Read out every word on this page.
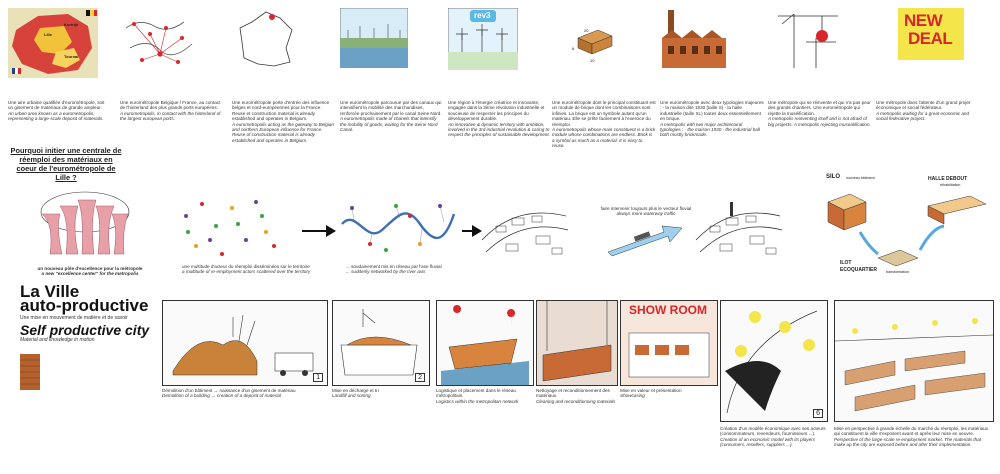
Lille
Kortrijk
Tournai
rev3
20
6
10
NEW
DEAL
Une aire urbaine qualifiée d'eurométropole, soit un gisement de matériaux de grande ampleur.
An urban area known as a eurometropolis, representing a large-scale deposit of materials.
Une eurométropole Belgique / France, au contact de l'hinterland des plus grands ports européens.
A eurometropolis, in contact with the hinterland of the largest european ports.
Une eurométropole porte d'entrée des influence belges et nord-européennes pour la France. Reuse et construction material is already established and operates in Belgium.
A eurometropolis acting as the gateway to Belgian and northern European influence for France. Reuse of construction material is already established and operates in Belgium.
Une eurométropole parcourue par des canaux qui intensifient la mobilité des marchandises, renforcée prochainement par le canal Seine Nord.
A eurometropolis made of chanels that intensify the mobility of goods, waiting for the Seine Nord Canal.
Une région à l'énergie créatrice et innovante, engagée dans la 3ème révolution industrielle et soucieuse de respecter les principes du développement durable.
An innovative & dynamic territory with ambition, involved in the 3rd industrial revolution & caring to respect the principles of sustainable development.
Une eurométropole dont le principal constituant est un module de brique dont les combinaisons sont infinies. La brique est un symbole autant qu'un matériau. Elle se prête facilement à l'exercice du réemploi.
A eurometropolis whose main constituent is a brick module whose combinations are endless. Brick is a symbol as much as a material. It is easy to reuse.
Une eurométropole avec deux typologies majeures : - la maison dite 1930 (taille S) - la halle industrielle (taille XL) toutes deux essentiellement en brique.
A metropolis with two major architectural typologies : - the maison 1930 - the industrial hall both mostly brickmade.
Une métropole qui se réinvente et qui n'a pas peur des grands chantiers. Une eurométropole qui rejette la muséification.
A metropolis reinventing itself and is not afraid of big projects. A metropolis rejecting musealification.
Une métropole dans l'attente d'un grand projet économique et social fédérateur.
A metropolis waiting for a great economic and social federative project.
Pourquoi initier une centrale de réemploi des matériaux en coeur de l'eurométropole de Lille ?
un nouveau pôle d'excellence pour la métropole
a new "excellence center" for the metropolis
une multitude d'acteur du réemploi disséminées sur le territoire
a multitude of re-employment actors scattered over the territory
... soudainement mis en réseau par l'axe fluvial
... suddenly networked by the river axis
faire intervenir toujours plus le vecteur fluvial
always more waterway traffic
SILO nouveau bâtiment	HALLE DEBOUT
réhabilitation
ILOT
ECOQUARTIER	transformation
La Ville
auto-productive
Une mise en mouvement de matière et de savoir
Self productive city
Material and knowledge in motion
1
Démolition d'un bâtiment → naissance d'un gisement de matériau
Demolition of a building → creation of a deposit of material
2
Mise en décharge et tri
Landfill and sorting
Logistique et placement dans le réseau métropolitain.
Logistics within the metropolitan network
Nettoyage et reconditionnement des matériaux.
Cleaning and reconditionning materials
SHOW ROOM
Mise en valeur et présentation
Showcasing
6
Création d'un modèle économique avec ses acteurs (consommateurs, revendeurs, fournisseurs ...).
Creation of an economic model with its players (consumers, resellers, suppliers ...).
Mise en perspective à grande échelle du marché du réemploi, les matériaux qui constituent la ville s'exposent avant et après leur mise en oeuvre.
Perspective of the large-scale re-employment market. The materials that make up the city are exposed before and after their implementation.
